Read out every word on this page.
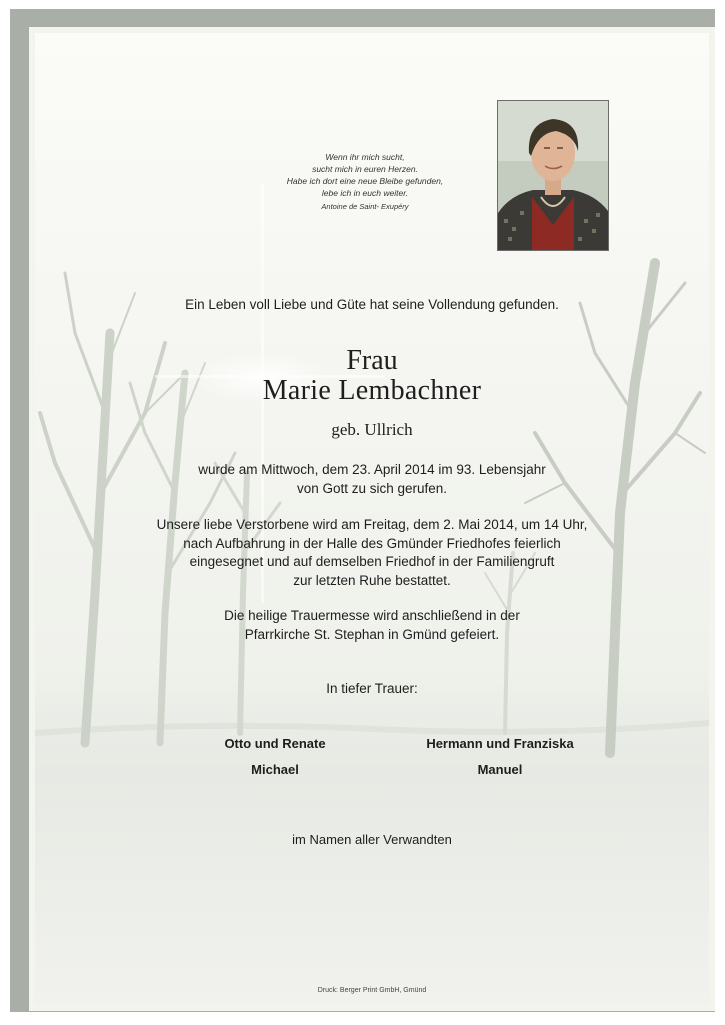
Wenn ihr mich sucht,
sucht mich in euren Herzen.
Habe ich dort eine neue Bleibe gefunden,
lebe ich in euch weiter.
Antoine de Saint- Exupéry
Ein Leben voll Liebe und Güte hat seine Vollendung gefunden.
Frau
Marie Lembachner
geb. Ullrich
wurde am Mittwoch, dem 23. April 2014 im 93. Lebensjahr
von Gott zu sich gerufen.
Unsere liebe Verstorbene wird am Freitag, dem 2. Mai 2014, um 14 Uhr,
nach Aufbahrung in der Halle des Gmünder Friedhofes feierlich
eingesegnet und auf demselben Friedhof in der Familiengruft
zur letzten Ruhe bestattet.
Die heilige Trauermesse wird anschließend in der
Pfarrkirche St. Stephan in Gmünd gefeiert.
In tiefer Trauer:
Otto und Renate
Michael
Hermann und Franziska
Manuel
im Namen aller Verwandten
Druck: Berger Print GmbH, Gmünd
